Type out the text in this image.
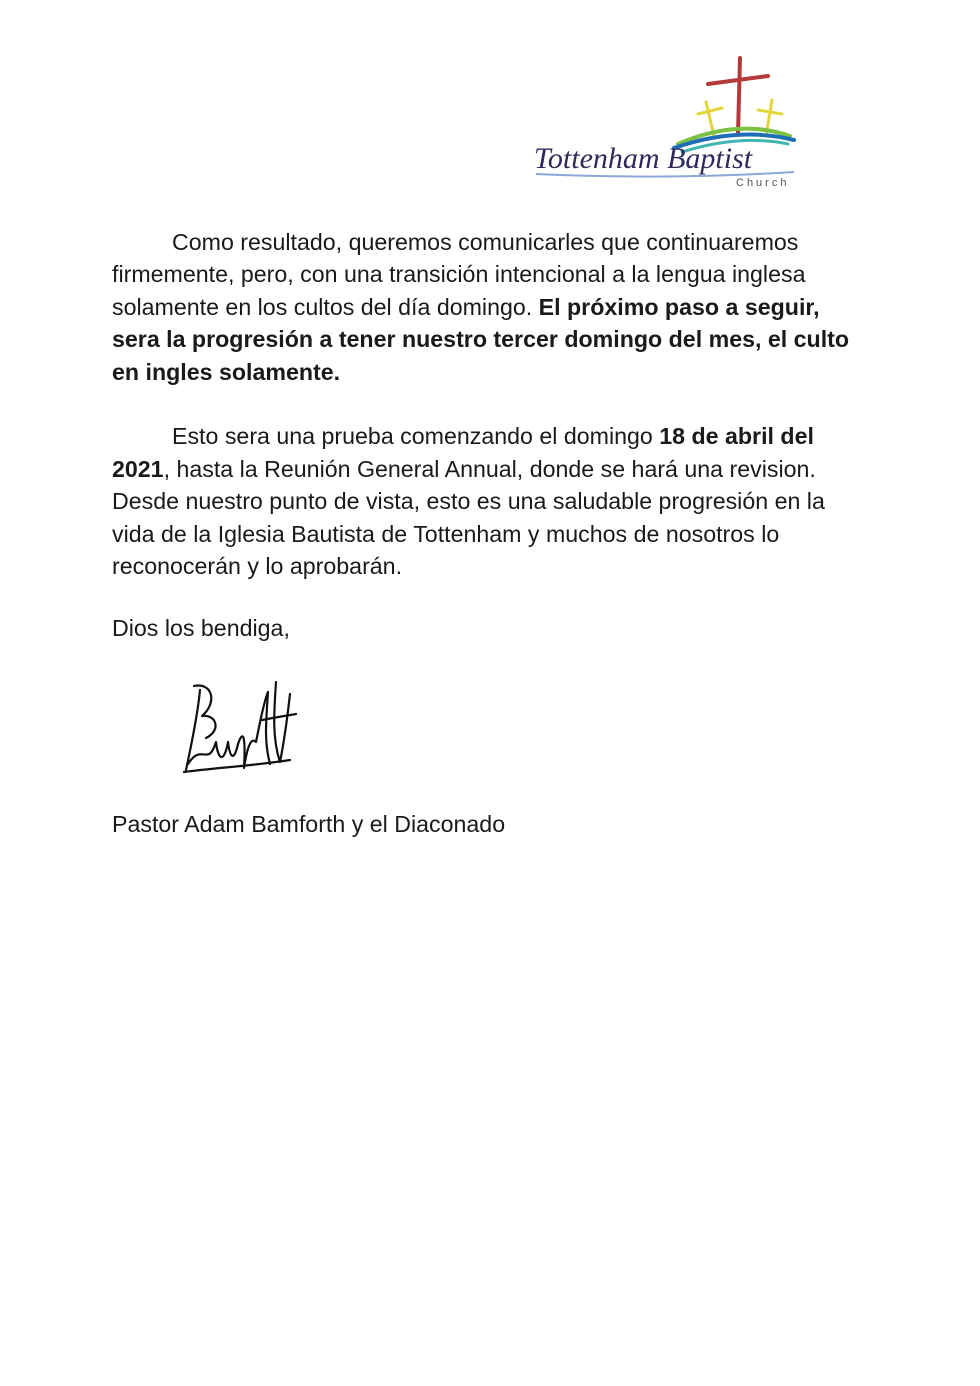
Tottenham Baptist
Church

Como resultado, queremos comunicarles que continuaremos firmemente, pero, con una transición intencional a la lengua inglesa solamente en los cultos del día domingo. El próximo paso a seguir, sera la progresión a tener nuestro tercer domingo del mes, el culto en ingles solamente.

Esto sera una prueba comenzando el domingo 18 de abril del 2021, hasta la Reunión General Annual, donde se hará una revision. Desde nuestro punto de vista, esto es una saludable progresión en la vida de la Iglesia Bautista de Tottenham y muchos de nosotros lo reconocerán y lo aprobarán.

Dios los bendiga,
Pastor Adam Bamforth y el Diaconado
